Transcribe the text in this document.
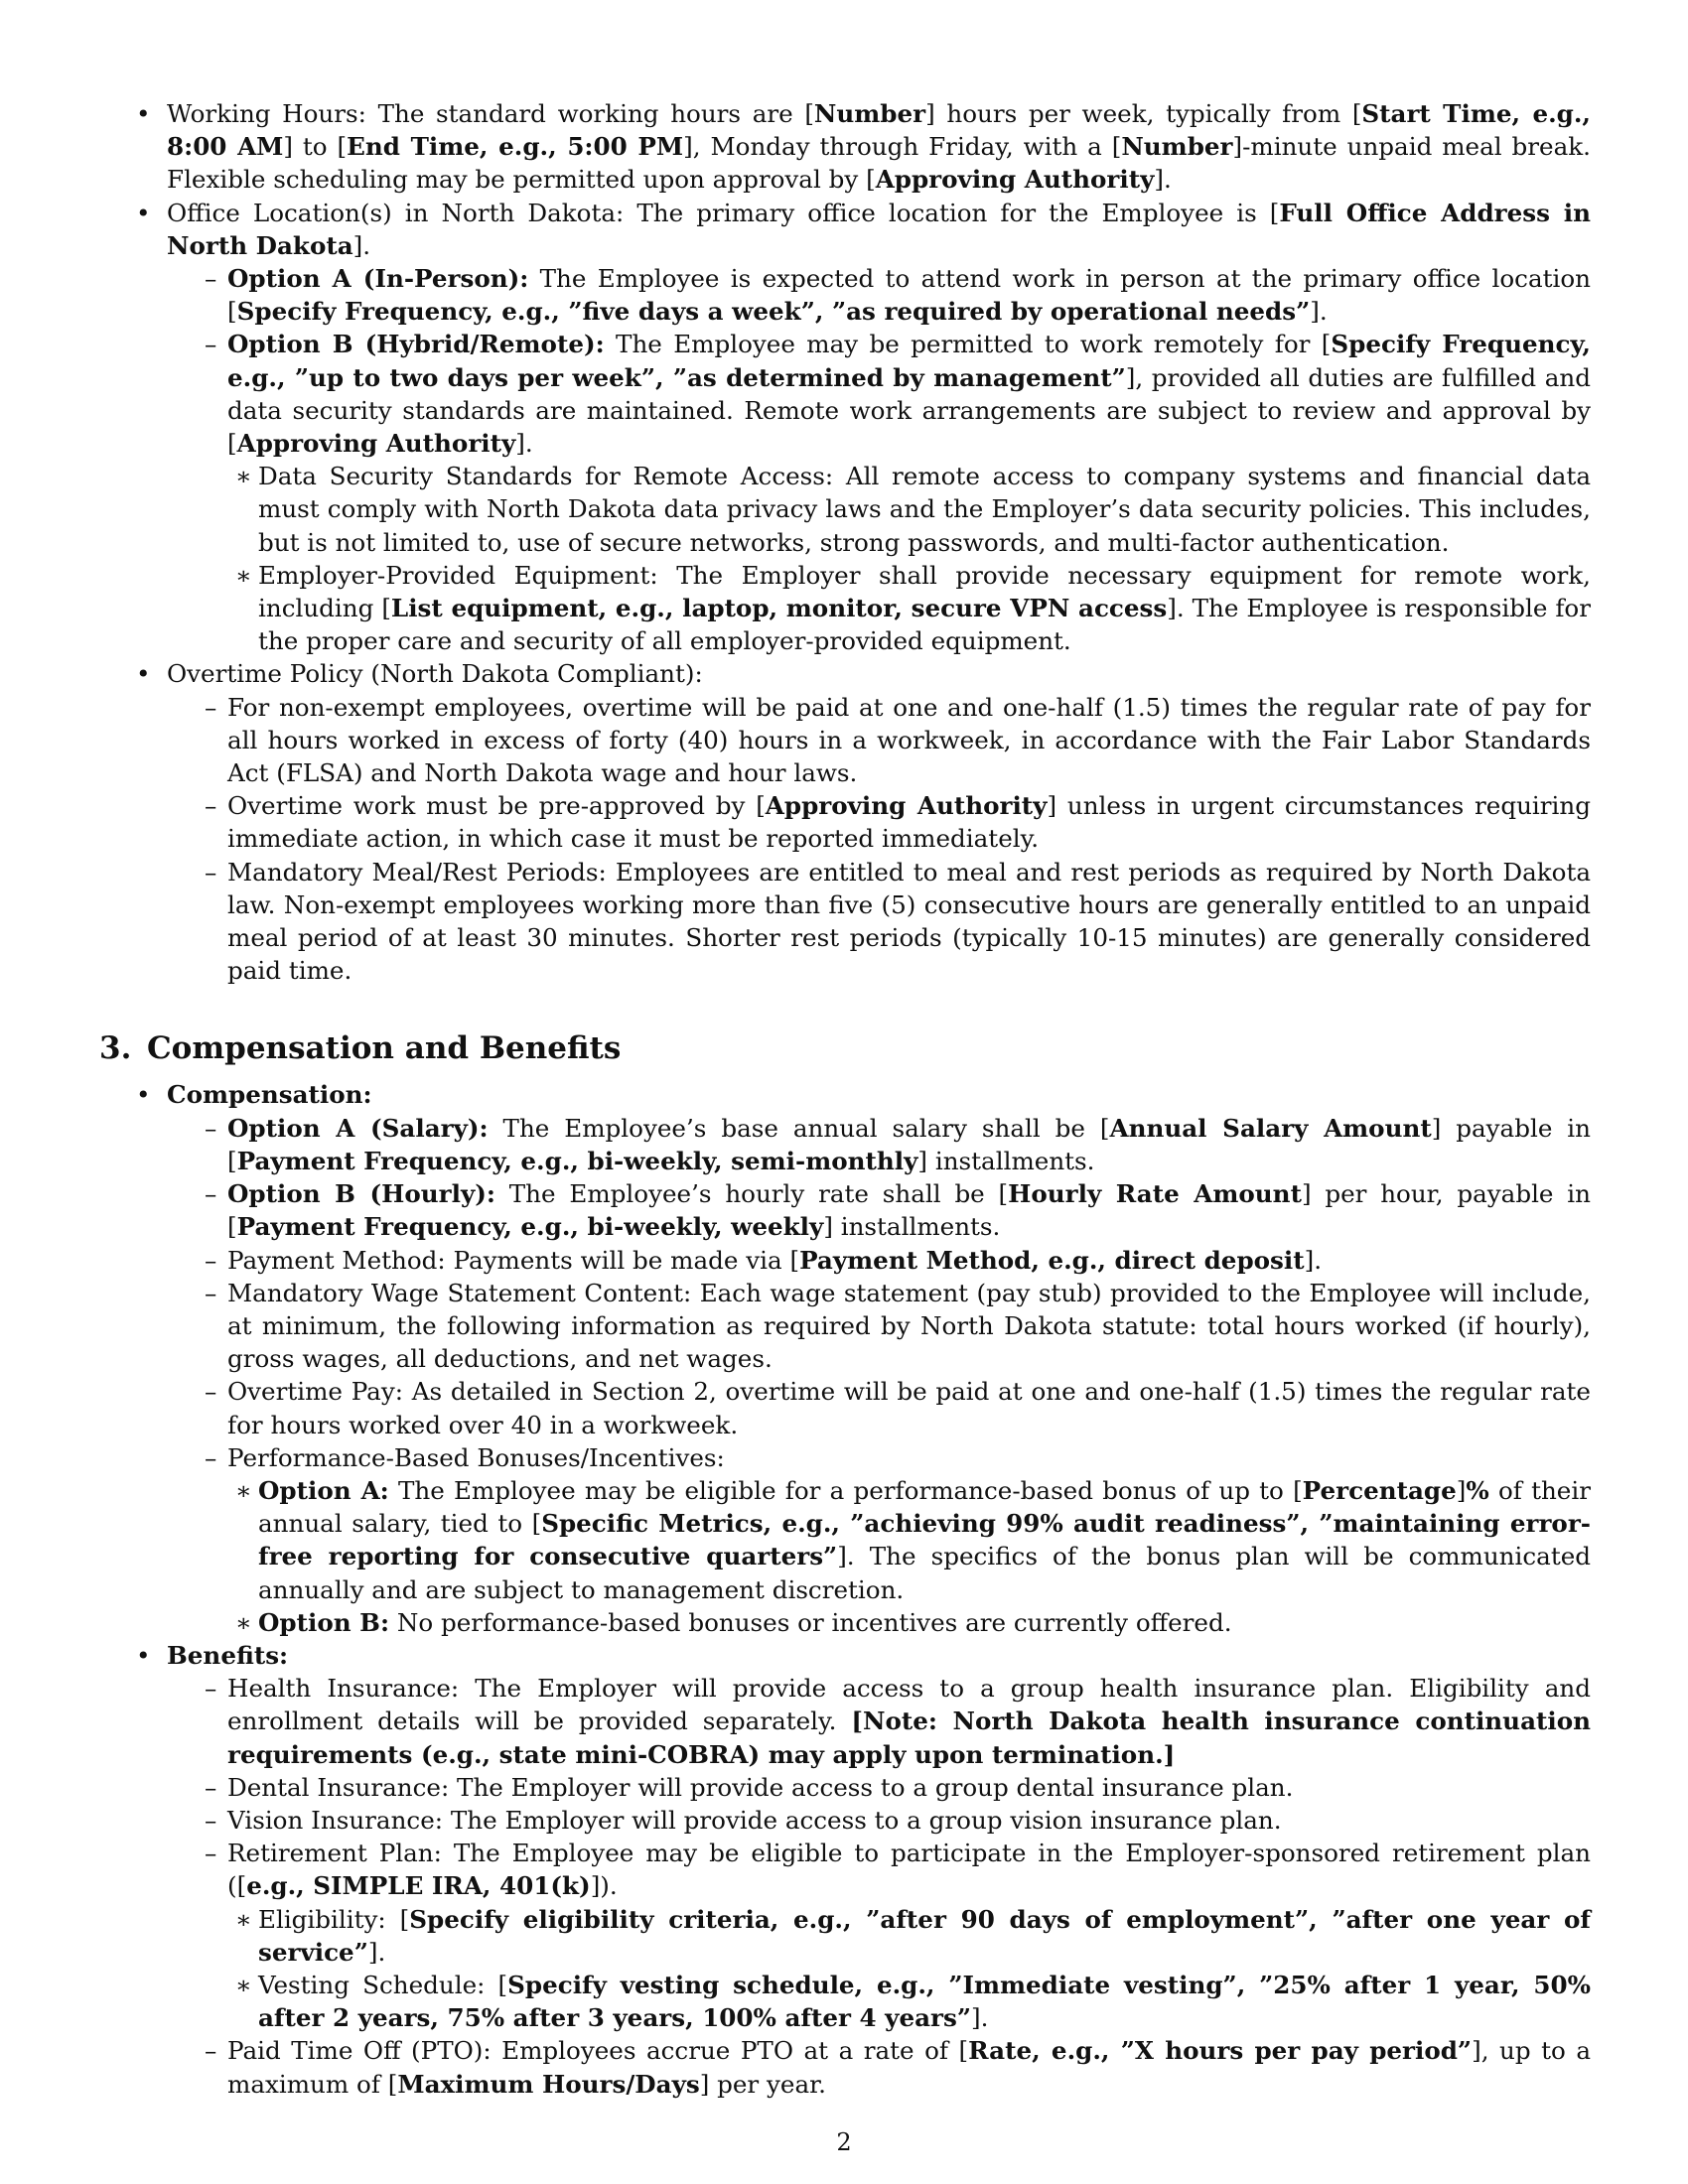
• Working Hours: The standard working hours are [Number] hours per week, typically from [Start Time, e.g., 8:00 AM] to [End Time, e.g., 5:00 PM], Monday through Friday, with a [Number]-minute unpaid meal break. Flexible scheduling may be permitted upon approval by [Approving Authority].
• Office Location(s) in North Dakota: The primary office location for the Employee is [Full Office Address in North Dakota].
– Option A (In-Person): The Employee is expected to attend work in person at the primary office location [Specify Frequency, e.g., ”five days a week”, ”as required by operational needs”].
– Option B (Hybrid/Remote): The Employee may be permitted to work remotely for [Specify Frequency, e.g., ”up to two days per week”, ”as determined by management”], provided all duties are fulfilled and data security standards are maintained. Remote work arrangements are subject to review and approval by [Approving Authority].
∗ Data Security Standards for Remote Access: All remote access to company systems and financial data must comply with North Dakota data privacy laws and the Employer’s data security policies. This includes, but is not limited to, use of secure networks, strong passwords, and multi-factor authentication.
∗ Employer-Provided Equipment: The Employer shall provide necessary equipment for remote work, including [List equipment, e.g., laptop, monitor, secure VPN access]. The Employee is responsible for the proper care and security of all employer-provided equipment.
• Overtime Policy (North Dakota Compliant):
– For non-exempt employees, overtime will be paid at one and one-half (1.5) times the regular rate of pay for all hours worked in excess of forty (40) hours in a workweek, in accordance with the Fair Labor Standards Act (FLSA) and North Dakota wage and hour laws.
– Overtime work must be pre-approved by [Approving Authority] unless in urgent circumstances requiring immediate action, in which case it must be reported immediately.
– Mandatory Meal/Rest Periods: Employees are entitled to meal and rest periods as required by North Dakota law. Non-exempt employees working more than five (5) consecutive hours are generally entitled to an unpaid meal period of at least 30 minutes. Shorter rest periods (typically 10-15 minutes) are generally considered paid time.
3. Compensation and Benefits
• Compensation:
– Option A (Salary): The Employee’s base annual salary shall be [Annual Salary Amount] payable in [Payment Frequency, e.g., bi-weekly, semi-monthly] installments.
– Option B (Hourly): The Employee’s hourly rate shall be [Hourly Rate Amount] per hour, payable in [Payment Frequency, e.g., bi-weekly, weekly] installments.
– Payment Method: Payments will be made via [Payment Method, e.g., direct deposit].
– Mandatory Wage Statement Content: Each wage statement (pay stub) provided to the Employee will include, at minimum, the following information as required by North Dakota statute: total hours worked (if hourly), gross wages, all deductions, and net wages.
– Overtime Pay: As detailed in Section 2, overtime will be paid at one and one-half (1.5) times the regular rate for hours worked over 40 in a workweek.
– Performance-Based Bonuses/Incentives:
∗ Option A: The Employee may be eligible for a performance-based bonus of up to [Percentage]% of their annual salary, tied to [Specific Metrics, e.g., ”achieving 99% audit readiness”, ”maintaining error-free reporting for consecutive quarters”]. The specifics of the bonus plan will be communicated annually and are subject to management discretion.
∗ Option B: No performance-based bonuses or incentives are currently offered.
• Benefits:
– Health Insurance: The Employer will provide access to a group health insurance plan. Eligibility and enrollment details will be provided separately. [Note: North Dakota health insurance continuation requirements (e.g., state mini-COBRA) may apply upon termination.]
– Dental Insurance: The Employer will provide access to a group dental insurance plan.
– Vision Insurance: The Employer will provide access to a group vision insurance plan.
– Retirement Plan: The Employee may be eligible to participate in the Employer-sponsored retirement plan ([e.g., SIMPLE IRA, 401(k)]).
∗ Eligibility: [Specify eligibility criteria, e.g., ”after 90 days of employment”, ”after one year of service”].
∗ Vesting Schedule: [Specify vesting schedule, e.g., ”Immediate vesting”, ”25% after 1 year, 50% after 2 years, 75% after 3 years, 100% after 4 years”].
– Paid Time Off (PTO): Employees accrue PTO at a rate of [Rate, e.g., ”X hours per pay period”], up to a maximum of [Maximum Hours/Days] per year.
2
